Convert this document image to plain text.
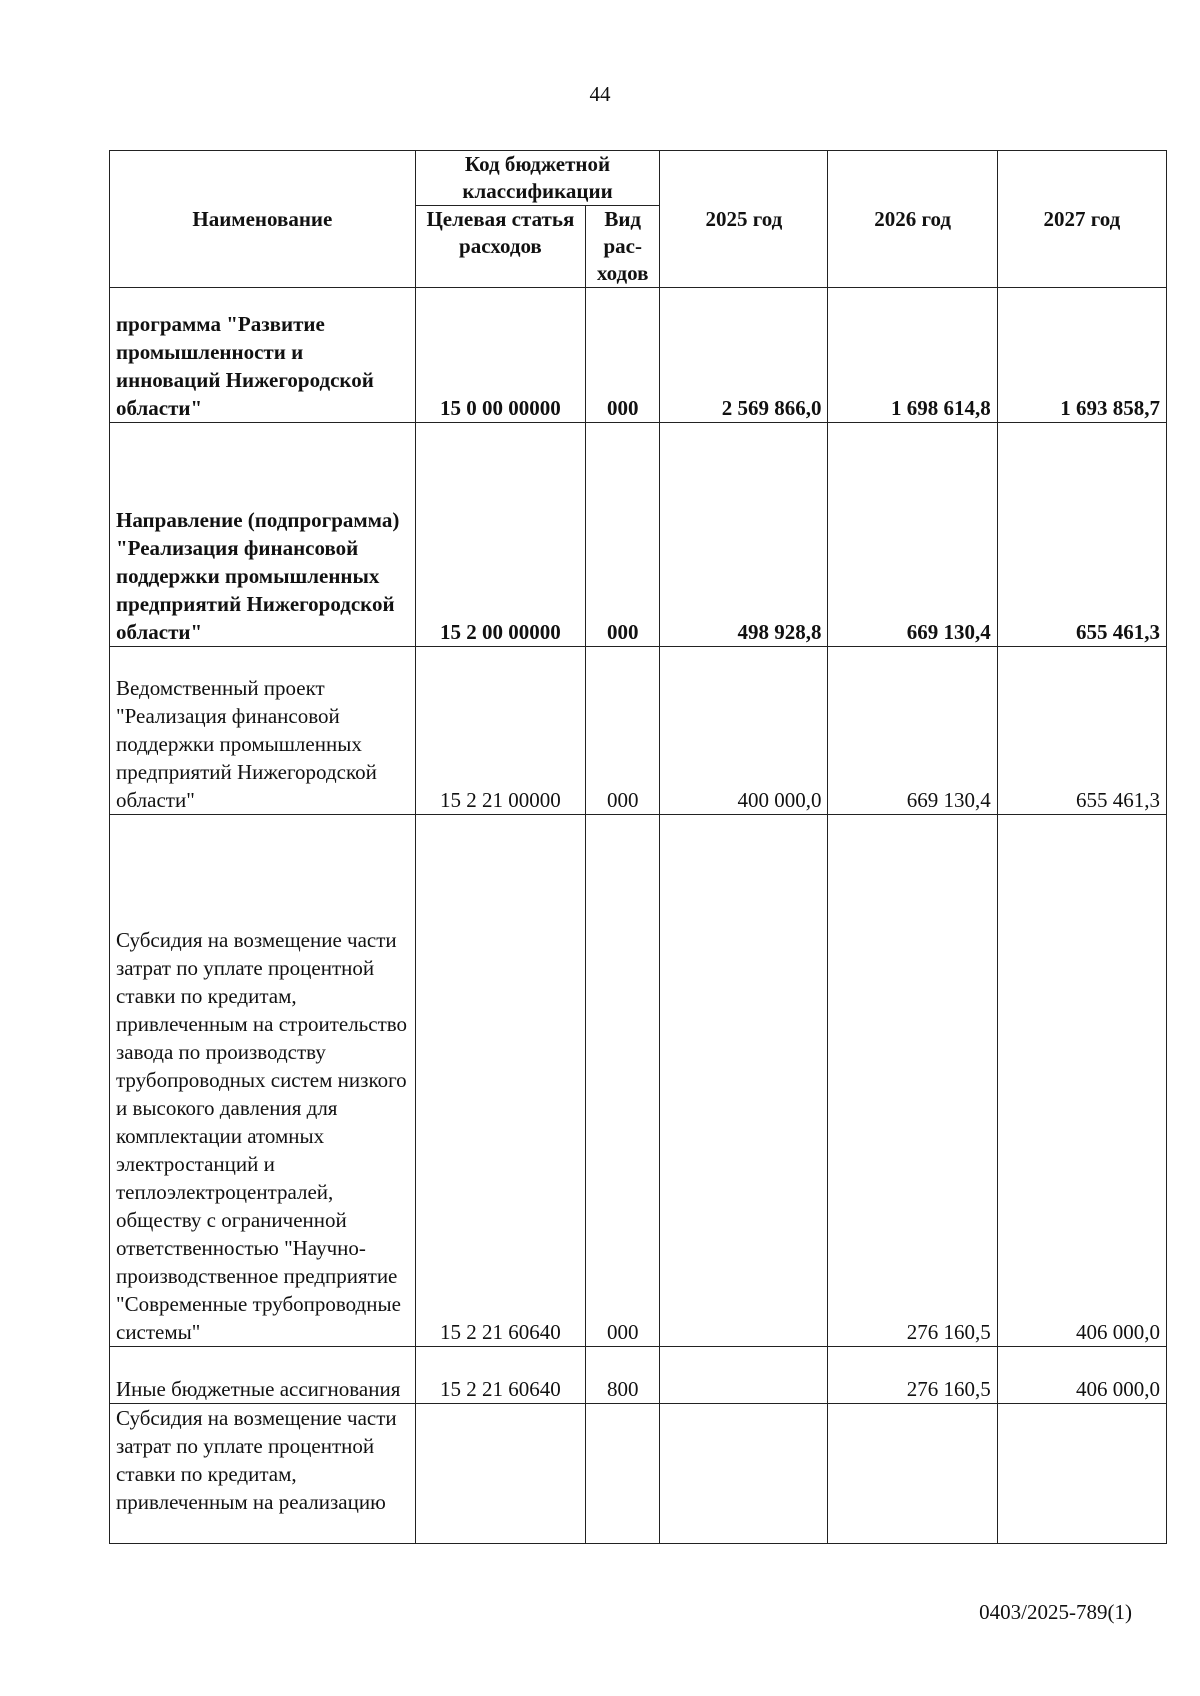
44
Наименование	Код бюджетной классификации		2025 год	2026 год	2027 год
	Целевая статья расходов	Вид рас-ходов			
программа "Развитие промышленности и инноваций Нижегородской области"	15 0 00 00000	000	2 569 866,0	1 698 614,8	1 693 858,7
Направление (подпрограмма) "Реализация финансовой поддержки промышленных предприятий Нижегородской области"	15 2 00 00000	000	498 928,8	669 130,4	655 461,3
Ведомственный проект "Реализация финансовой поддержки промышленных предприятий Нижегородской области"	15 2 21 00000	000	400 000,0	669 130,4	655 461,3
Субсидия на возмещение части затрат по уплате процентной ставки по кредитам, привлеченным на строительство завода по производству трубопроводных систем низкого и высокого давления для комплектации атомных электростанций и теплоэлектроцентралей, обществу с ограниченной ответственностью "Научно-производственное предприятие "Современные трубопроводные системы"	15 2 21 60640	000		276 160,5	406 000,0
Иные бюджетные ассигнования	15 2 21 60640	800		276 160,5	406 000,0
Субсидия на возмещение части затрат по уплате процентной ставки по кредитам, привлеченным на реализацию					
0403/2025-789(1)
